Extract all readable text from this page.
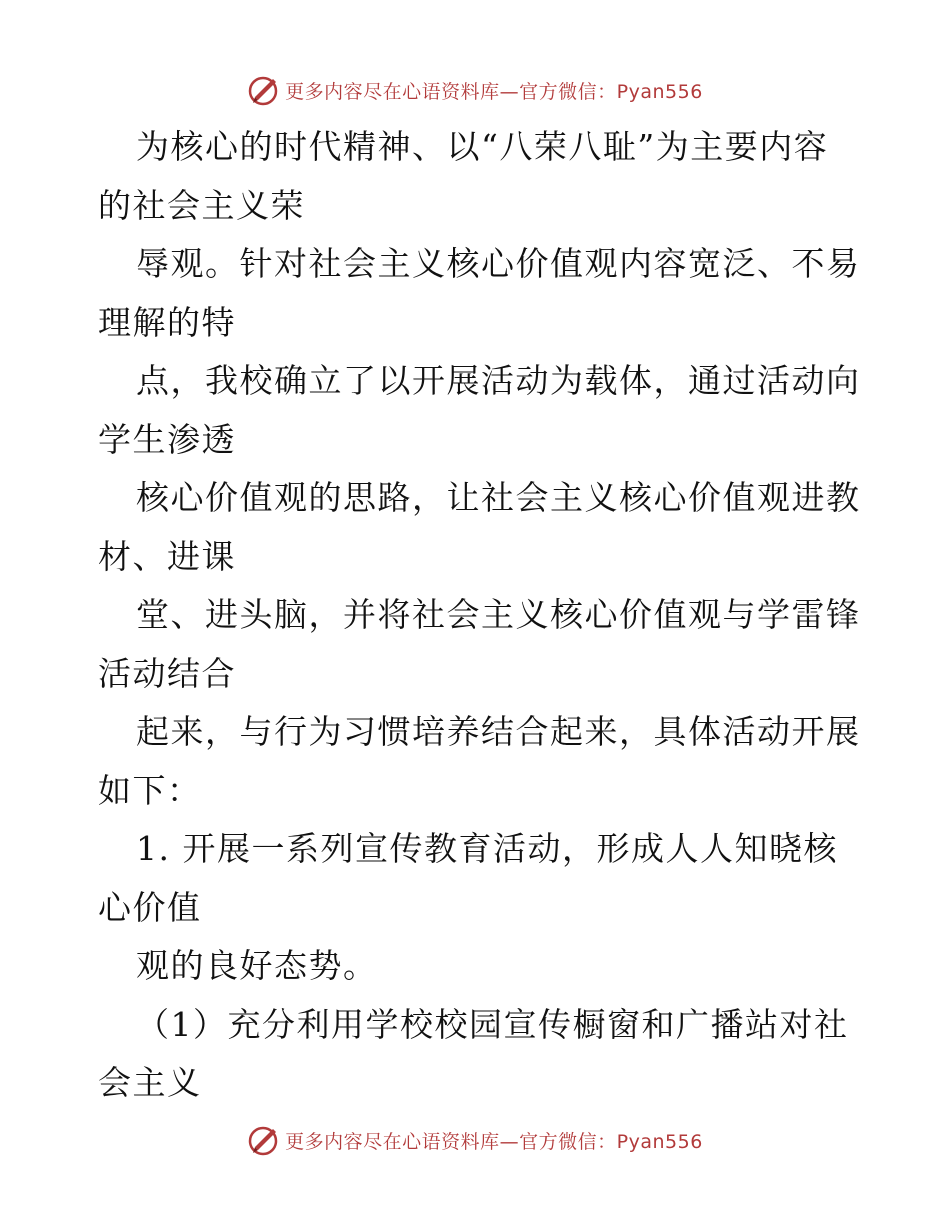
更多内容尽在心语资料库—官方微信：Pyan556

为核心的时代精神、以“八荣八耻”为主要内容

的社会主义荣

辱观。针对社会主义核心价值观内容宽泛、不易

理解的特

点，我校确立了以开展活动为载体，通过活动向

学生渗透

核心价值观的思路，让社会主义核心价值观进教

材、进课

堂、进头脑，并将社会主义核心价值观与学雷锋

活动结合

起来，与行为习惯培养结合起来，具体活动开展

如下：

1. 开展一系列宣传教育活动，形成人人知晓核

心价值

观的良好态势。

（1）充分利用学校校园宣传橱窗和广播站对社

会主义

更多内容尽在心语资料库—官方微信：Pyan556
